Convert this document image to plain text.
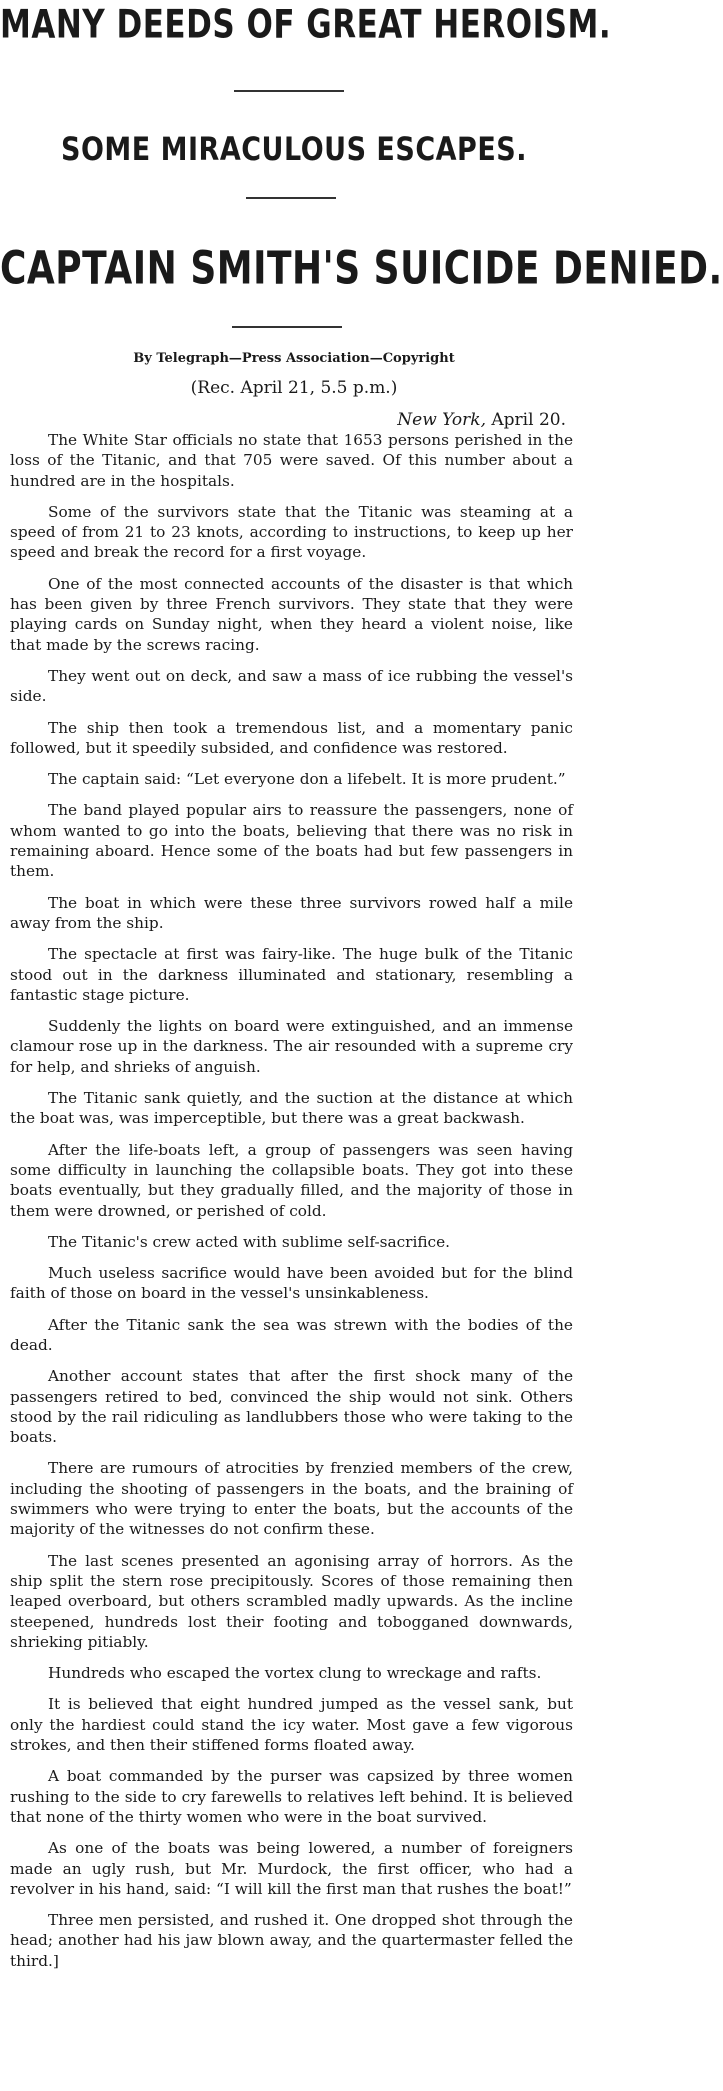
MANY DEEDS OF GREAT HEROISM.
SOME MIRACULOUS ESCAPES.
CAPTAIN SMITH'S SUICIDE DENIED.
By Telegraph—Press Association—Copyright
(Rec. April 21, 5.5 p.m.)
New York, April 20.

The White Star officials no state that 1653 persons perished in the loss of the Titanic, and that 705 were saved. Of this number about a hundred are in the hospitals.

Some of the survivors state that the Titanic was steaming at a speed of from 21 to 23 knots, according to instructions, to keep up her speed and break the record for a first voyage.

One of the most connected accounts of the disaster is that which has been given by three French survivors. They state that they were playing cards on Sunday night, when they heard a violent noise, like that made by the screws racing.

They went out on deck, and saw a mass of ice rubbing the vessel's side.

The ship then took a tremendous list, and a momentary panic followed, but it speedily subsided, and confidence was restored.

The captain said: “Let everyone don a lifebelt. It is more prudent.”

The band played popular airs to reassure the passengers, none of whom wanted to go into the boats, believing that there was no risk in remaining aboard. Hence some of the boats had but few passengers in them.

The boat in which were these three survivors rowed half a mile away from the ship.

The spectacle at first was fairy-like. The huge bulk of the Titanic stood out in the darkness illuminated and stationary, resembling a fantastic stage picture.

Suddenly the lights on board were extinguished, and an immense clamour rose up in the darkness. The air resounded with a supreme cry for help, and shrieks of anguish.

The Titanic sank quietly, and the suction at the distance at which the boat was, was imperceptible, but there was a great backwash.

After the life-boats left, a group of passengers was seen having some difficulty in launching the collapsible boats. They got into these boats eventually, but they gradually filled, and the majority of those in them were drowned, or perished of cold.

The Titanic's crew acted with sublime self-sacrifice.

Much useless sacrifice would have been avoided but for the blind faith of those on board in the vessel's unsinkableness.

After the Titanic sank the sea was strewn with the bodies of the dead.

Another account states that after the first shock many of the passengers retired to bed, convinced the ship would not sink. Others stood by the rail ridiculing as landlubbers those who were taking to the boats.

There are rumours of atrocities by frenzied members of the crew, including the shooting of passengers in the boats, and the braining of swimmers who were trying to enter the boats, but the accounts of the majority of the witnesses do not confirm these.

The last scenes presented an agonising array of horrors. As the ship split the stern rose precipitously. Scores of those remaining then leaped overboard, but others scrambled madly upwards. As the incline steepened, hundreds lost their footing and tobogganed downwards, shrieking pitiably.

Hundreds who escaped the vortex clung to wreckage and rafts.

It is believed that eight hundred jumped as the vessel sank, but only the hardiest could stand the icy water. Most gave a few vigorous strokes, and then their stiffened forms floated away.

A boat commanded by the purser was capsized by three women rushing to the side to cry farewells to relatives left behind. It is believed that none of the thirty women who were in the boat survived.

As one of the boats was being lowered, a number of foreigners made an ugly rush, but Mr. Murdock, the first officer, who had a revolver in his hand, said: “I will kill the first man that rushes the boat!”

Three men persisted, and rushed it. One dropped shot through the head; another had his jaw blown away, and the quartermaster felled the third.]
